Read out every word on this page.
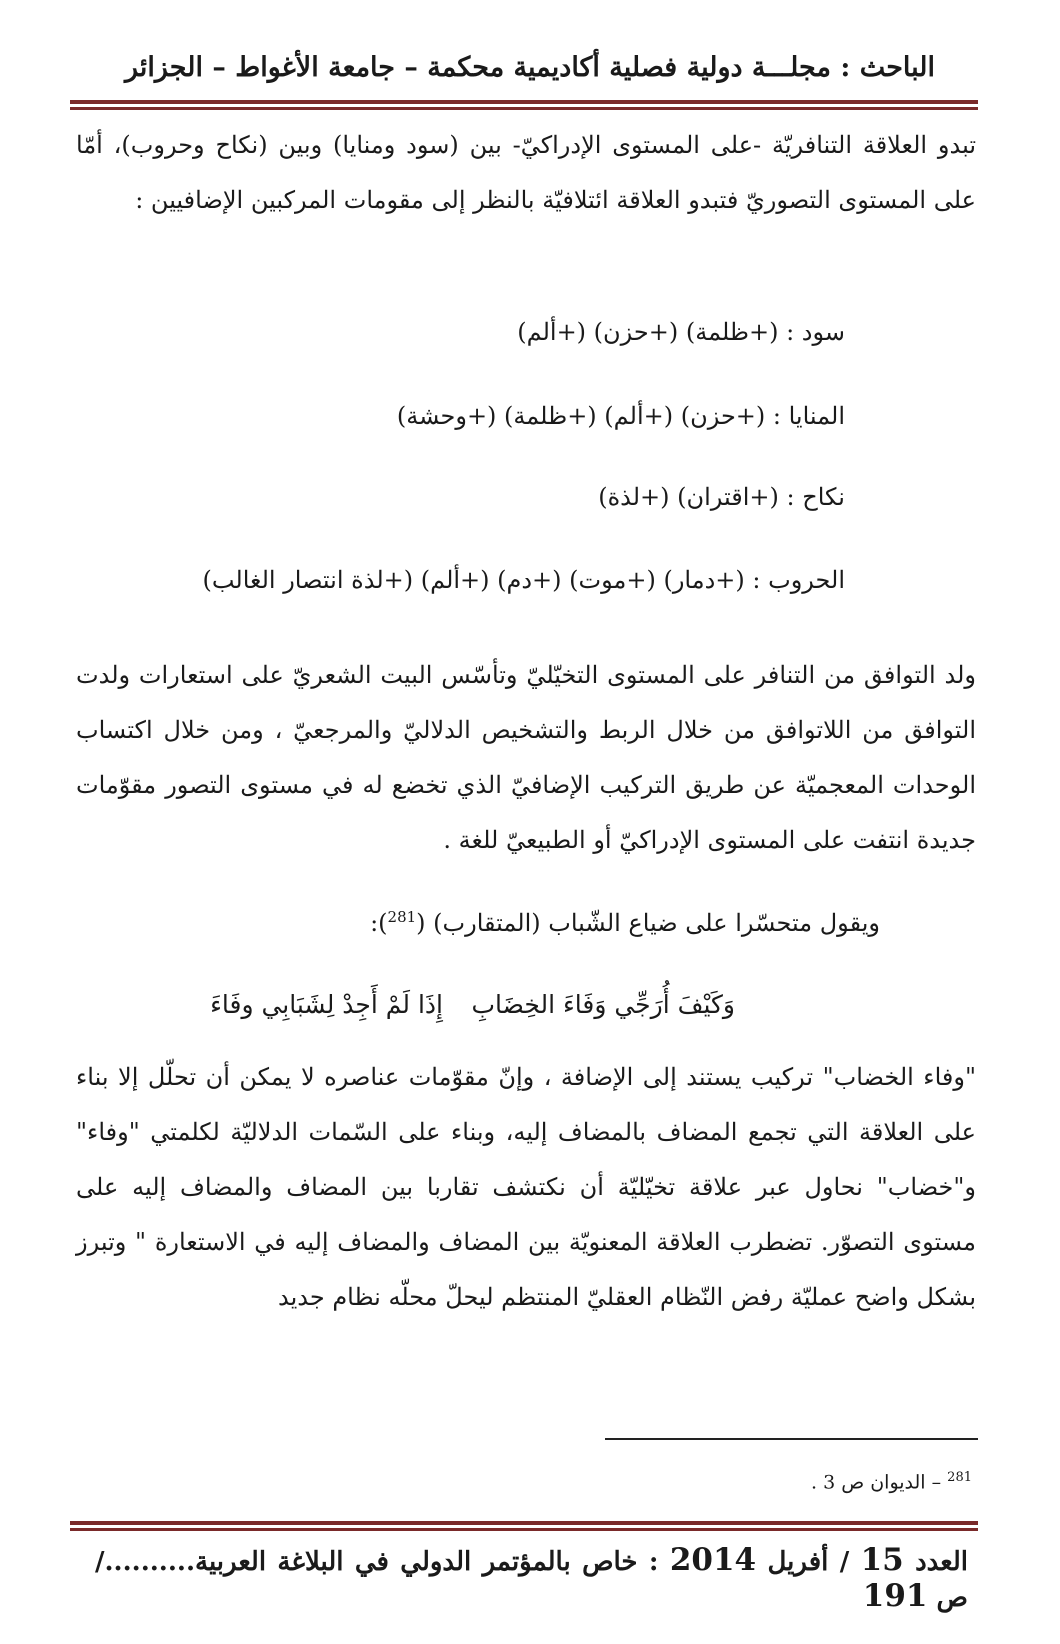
الباحث : مجلـــة دولية فصلية أكاديمية محكمة – جامعة الأغواط – الجزائر

تبدو العلاقة التنافريّة -على المستوى الإدراكيّ- بين (سود ومنايا) وبين (نكاح وحروب)، أمّا على المستوى التصوريّ فتبدو العلاقة ائتلافيّة بالنظر إلى مقومات المركبين الإضافيين :

سود : (+ظلمة) (+حزن) (+ألم)
المنايا : (+حزن) (+ألم) (+ظلمة) (+وحشة)
نكاح : (+اقتران) (+لذة)
الحروب : (+دمار) (+موت) (+دم) (+ألم) (+لذة انتصار الغالب)

ولد التوافق من التنافر على المستوى التخيّليّ وتأسّس البيت الشعريّ على استعارات ولدت التوافق من اللاتوافق من خلال الربط والتشخيص الدلاليّ والمرجعيّ ، ومن خلال اكتساب الوحدات المعجميّة عن طريق التركيب الإضافيّ الذي تخضع له في مستوى التصور مقوّمات جديدة انتفت على المستوى الإدراكيّ أو الطبيعيّ للغة .

ويقول متحسّرا على ضياع الشّباب (المتقارب) ($^{281}$):
وَكَيْفَ أُرَجِّي وَفَاءَ الخِضَابِ
إِذَا لَمْ أَجِدْ لِشَبَابِي وفَاءَ

"وفاء الخضاب" تركيب يستند إلى الإضافة ، وإنّ مقوّمات عناصره لا يمكن أن تحلّل إلا بناء على العلاقة التي تجمع المضاف بالمضاف إليه، وبناء على السّمات الدلاليّة لكلمتي "وفاء" و"خضاب" نحاول عبر علاقة تخيّليّة أن نكتشف تقاربا بين المضاف والمضاف إليه على مستوى التصوّر. تضطرب العلاقة المعنويّة بين المضاف والمضاف إليه في الاستعارة " وتبرز بشكل واضح عمليّة رفض النّظام العقليّ المنتظم ليحلّ محلّه نظام جديد

$^{281}$ – الديوان ص 3 .
العدد 15 / أفريل 2014 : خاص بالمؤتمر الدولي في البلاغة العربية........../ ص 191
